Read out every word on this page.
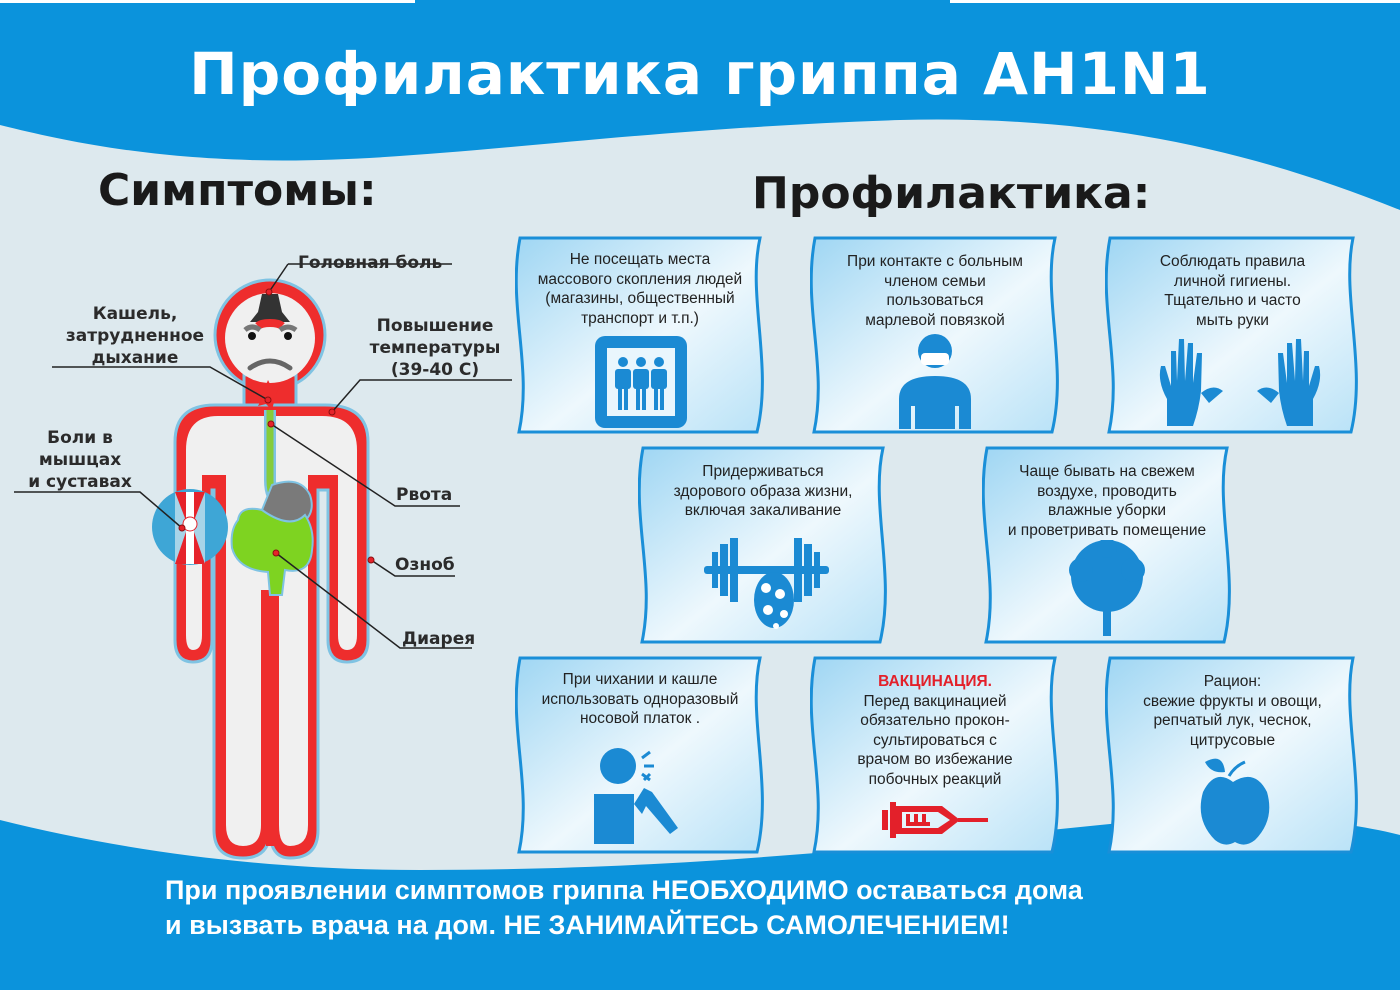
Профилактика гриппа AH1N1
Симптомы:	Профилактика:
Головная боль
Кашель,
затрудненное
дыхание
Повышение
температуры
(39-40 С)
Боли в
мышцах
и суставах
Рвота
Озноб
Диарея
Не посещать места
массового скопления людей
(магазины, общественный
транспорт и т.п.)
При контакте с больным
членом семьи
пользоваться
марлевой повязкой
Соблюдать правила
личной гигиены.
Тщательно и часто
мыть руки
Придерживаться
здорового образа жизни,
включая закаливание
Чаще бывать на свежем
воздухе, проводить
влажные уборки
и проветривать помещение
При чихании и кашле
использовать одноразовый
носовой платок .
ВАКЦИНАЦИЯ.
Перед вакцинацией
обязательно прокон-
сультироваться с
врачом во избежание
побочных реакций
Рацион:
свежие фрукты и овощи,
репчатый лук, чеснок,
цитрусовые
При проявлении симптомов гриппа НЕОБХОДИМО оставаться дома
и вызвать врача на дом. НЕ ЗАНИМАЙТЕСЬ САМОЛЕЧЕНИЕМ!
